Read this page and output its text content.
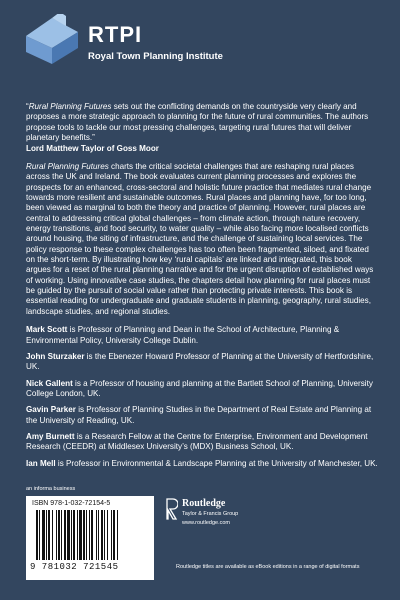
RTPI
Royal Town Planning Institute

“Rural Planning Futures sets out the conflicting demands on the countryside very clearly and proposes a more strategic approach to planning for the future of rural communities. The authors propose tools to tackle our most pressing challenges, targeting rural futures that will deliver planetary benefits.”

Lord Matthew Taylor of Goss Moor

Rural Planning Futures charts the critical societal challenges that are reshaping rural places across the UK and Ireland. The book evaluates current planning processes and explores the prospects for an enhanced, cross-sectoral and holistic future practice that mediates rural change towards more resilient and sustainable outcomes. Rural places and planning have, for too long, been viewed as marginal to both the theory and practice of planning. However, rural places are central to addressing critical global challenges – from climate action, through nature recovery, energy transitions, and food security, to water quality – while also facing more localised conflicts around housing, the siting of infrastructure, and the challenge of sustaining local services. The policy response to these complex challenges has too often been fragmented, siloed, and fixated on the short-term. By illustrating how key ‘rural capitals’ are linked and integrated, this book argues for a reset of the rural planning narrative and for the urgent disruption of established ways of working. Using innovative case studies, the chapters detail how planning for rural places must be guided by the pursuit of social value rather than protecting private interests. This book is essential reading for undergraduate and graduate students in planning, geography, rural studies, landscape studies, and regional studies.

Mark Scott is Professor of Planning and Dean in the School of Architecture, Planning & Environmental Policy, University College Dublin.

John Sturzaker is the Ebenezer Howard Professor of Planning at the University of Hertfordshire, UK.

Nick Gallent is a Professor of housing and planning at the Bartlett School of Planning, University College London, UK.

Gavin Parker is Professor of Planning Studies in the Department of Real Estate and Planning at the University of Reading, UK.

Amy Burnett is a Research Fellow at the Centre for Enterprise, Environment and Development Research (CEEDR) at Middlesex University’s (MDX) Business School, UK.

Ian Mell is Professor in Environmental & Landscape Planning at the University of Manchester, UK.

an informa business
ISBN 978-1-032-72154-5
9 781032 721545
Routledge
Taylor & Francis Group
www.routledge.com
Routledge titles are available as eBook editions in a range of digital formats
